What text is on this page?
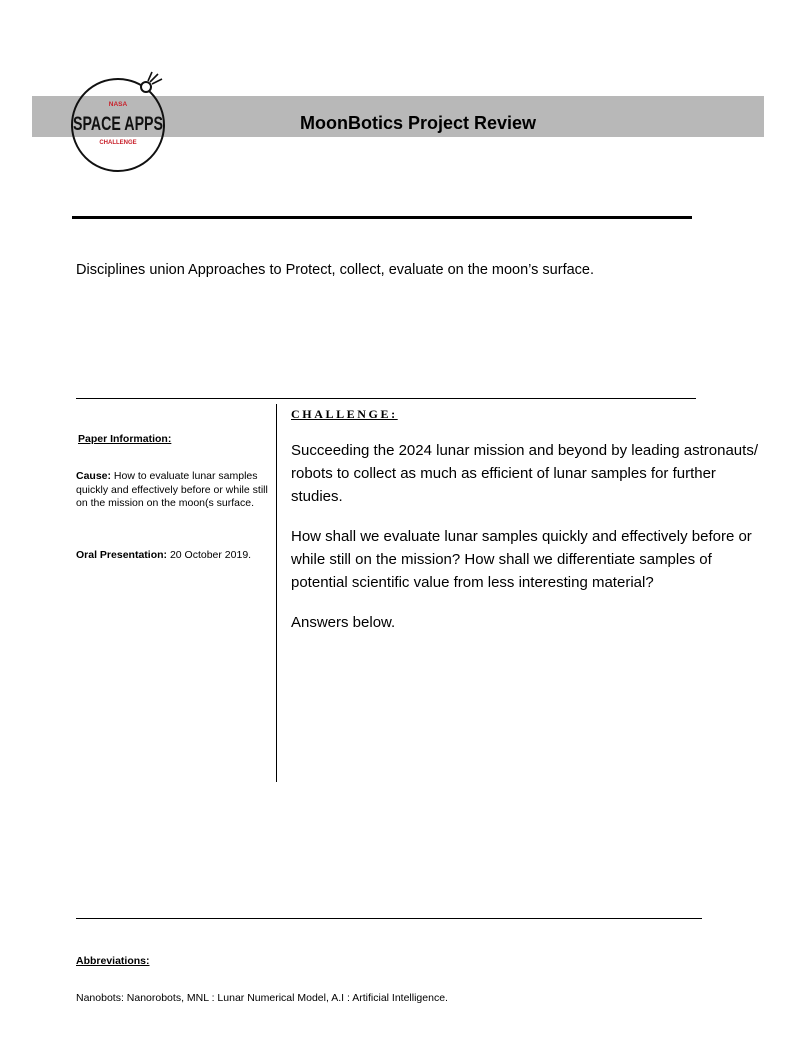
NASA
SPACE APPS
CHALLENGE
MoonBotics Project Review
Disciplines union Approaches to Protect, collect, evaluate on the moon’s surface.
Paper Information:
Cause: How to evaluate lunar samples quickly and effectively before or while still on the mission on the moon(s surface.
Oral Presentation: 20 October 2019.
CHALLENGE:
Succeeding the 2024 lunar mission and beyond by leading astronauts/ robots to collect as much as efficient of lunar samples for further studies.
How shall we evaluate lunar samples quickly and effectively before or while still on the mission? How shall we differentiate samples of potential scientific value from less interesting material?
Answers below.
Abbreviations:
Nanobots: Nanorobots, MNL : Lunar Numerical Model, A.I : Artificial Intelligence.
